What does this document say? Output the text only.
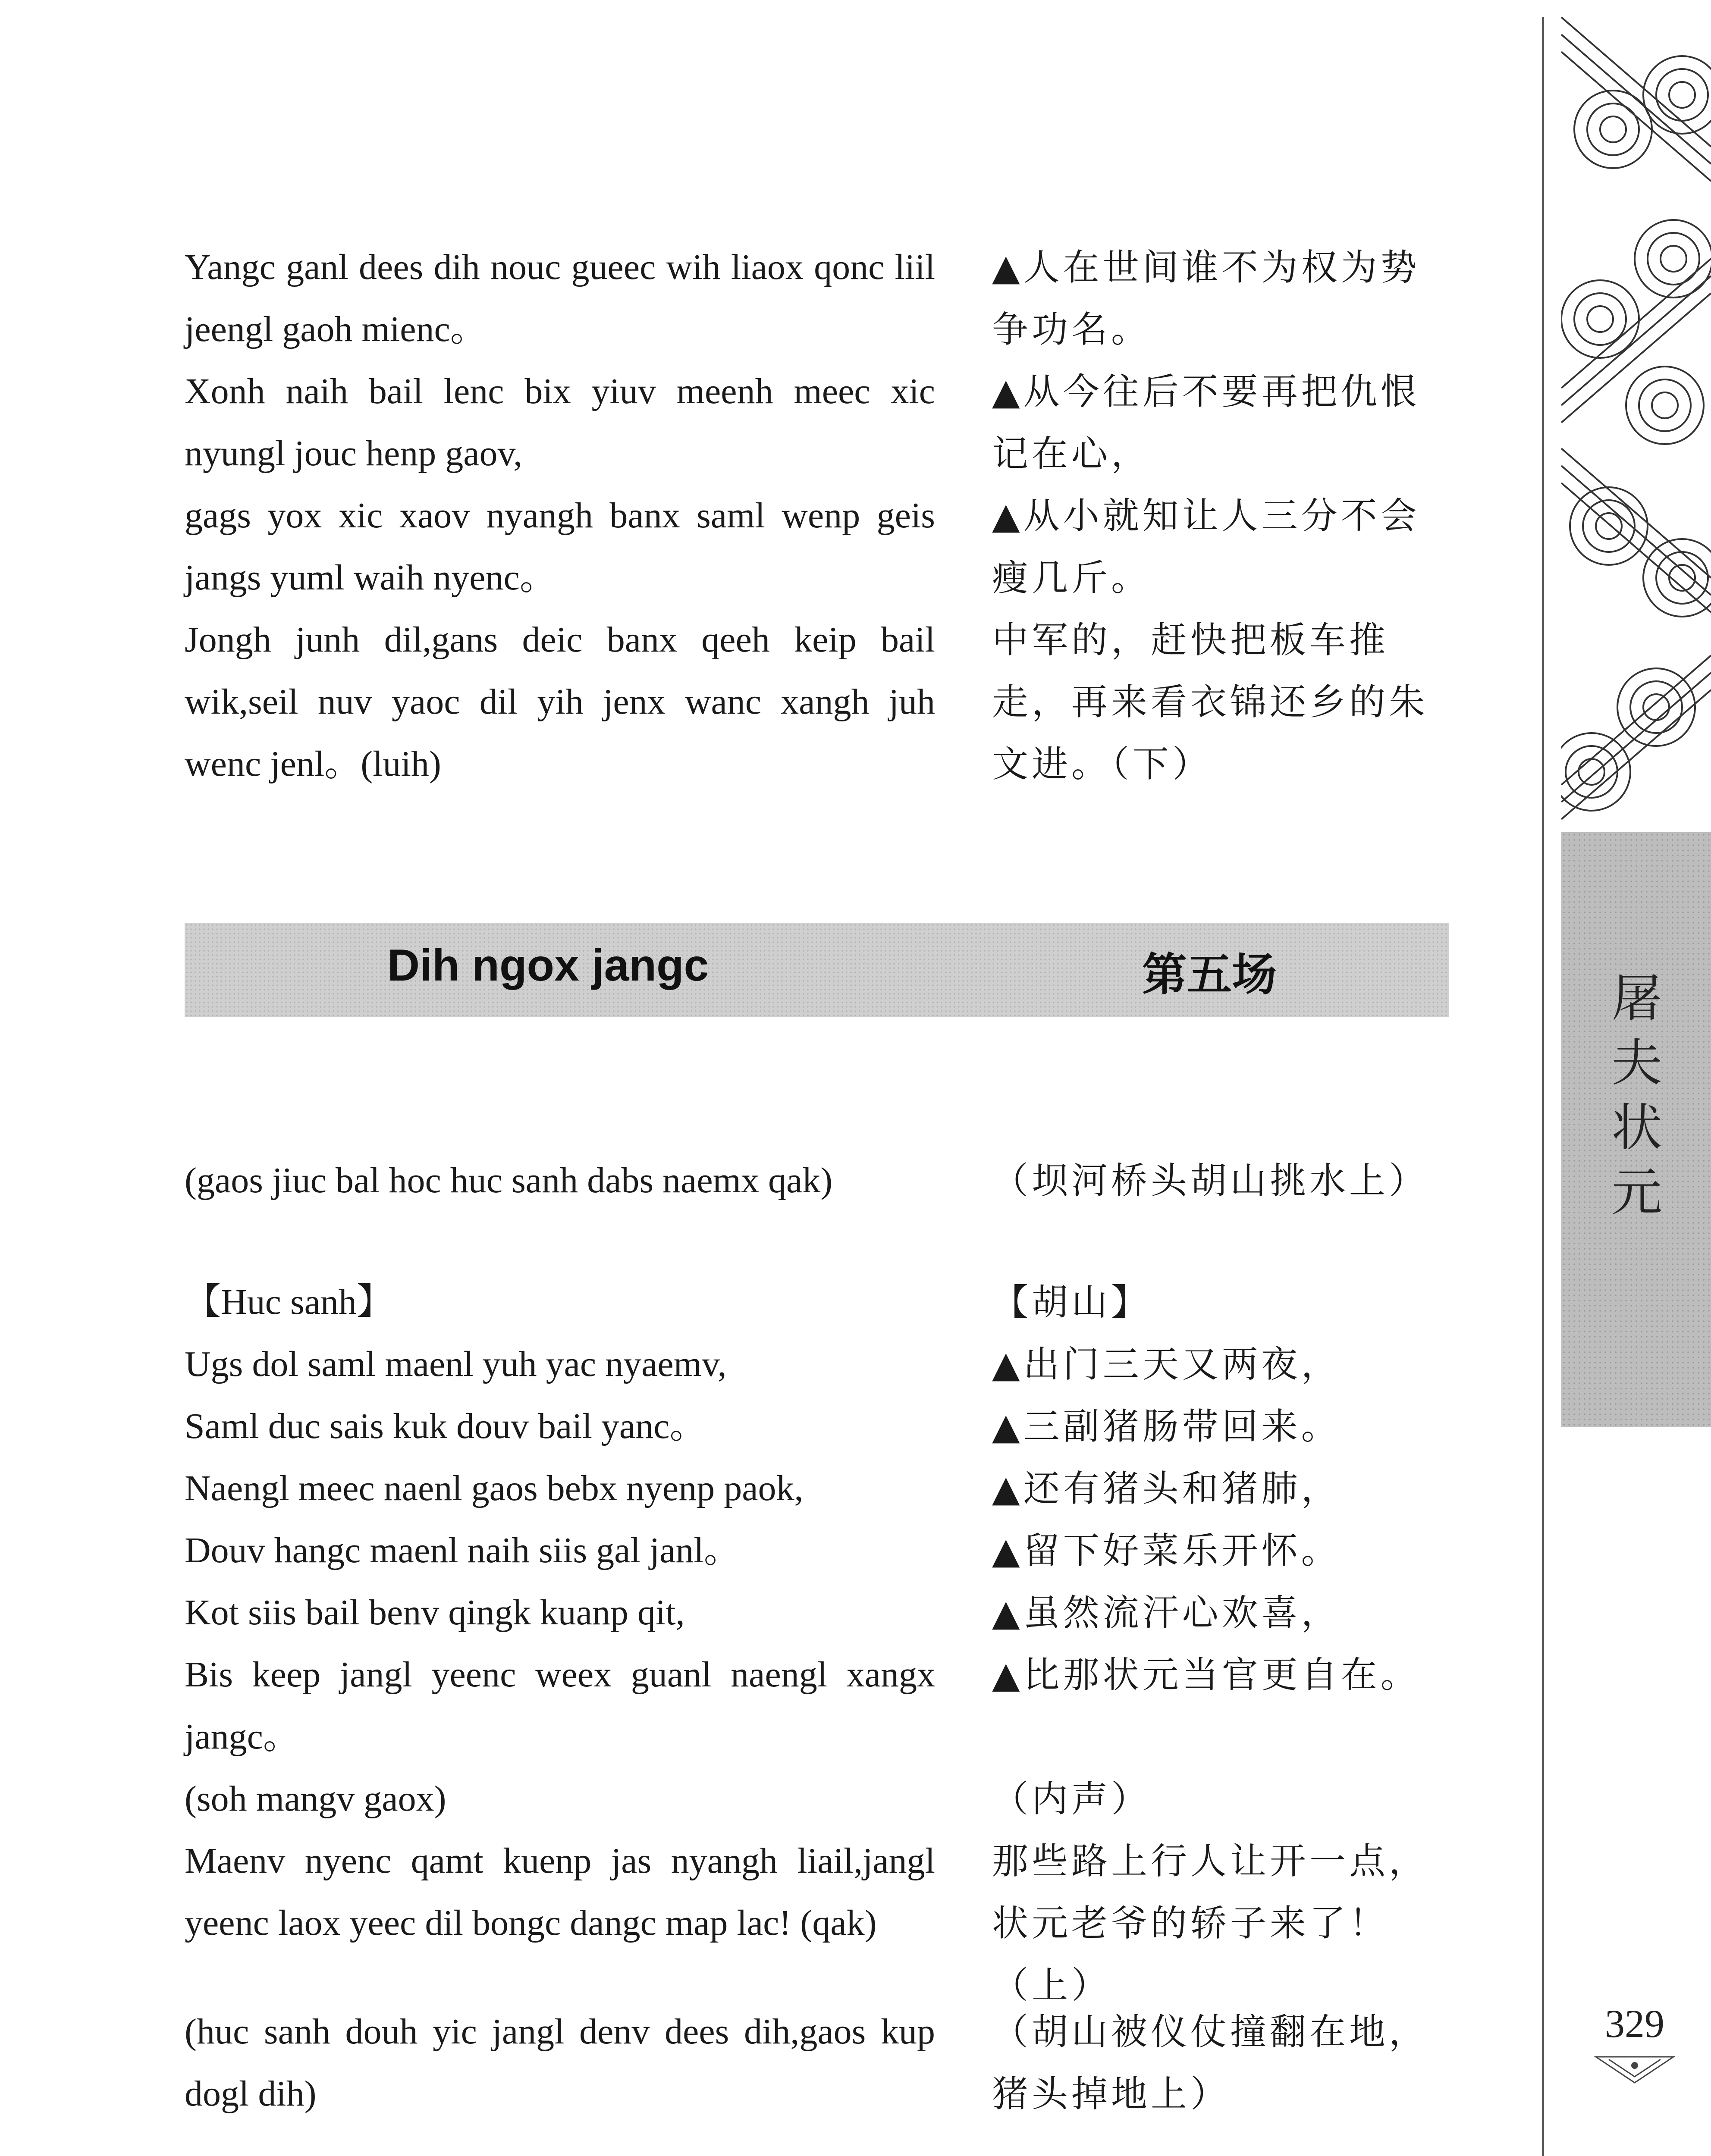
屠
夫
状
元
329

Yangc ganl dees dih nouc gueec wih liaox qonc liil jeengl gaoh mienc。

Xonh naih bail lenc bix yiuv meenh meec xic nyungl jouc henp gaov,

gags yox xic xaov nyangh banx saml wenp geis jangs yuml waih nyenc。

Jongh junh dil,gans deic banx qeeh keip bail wik,seil nuv yaoc dil yih jenx wanc xangh juh wenc jenl。(luih)

▲人在世间谁不为权为势争功名。

▲从今往后不要再把仇恨记在心，

▲从小就知让人三分不会瘦几斤。

中军的，赶快把板车推走，再来看衣锦还乡的朱文进。（下）

Dih ngox jangc	第五场

(gaos jiuc bal hoc huc sanh dabs naemx qak)	（坝河桥头胡山挑水上）

【Huc sanh】

Ugs dol saml maenl yuh yac nyaemv,

Saml duc sais kuk douv bail yanc。

Naengl meec naenl gaos bebx nyenp paok,

Douv hangc maenl naih siis gal janl。

Kot siis bail benv qingk kuanp qit,

Bis keep jangl yeenc weex guanl naengl xangx jangc。

(soh mangv gaox)

Maenv nyenc qamt kuenp jas nyangh liail,jangl yeenc laox yeec dil bongc dangc map lac! (qak)

【胡山】

▲出门三天又两夜，

▲三副猪肠带回来。

▲还有猪头和猪肺，

▲留下好菜乐开怀。

▲虽然流汗心欢喜，

▲比那状元当官更自在。

（内声）

那些路上行人让开一点，状元老爷的轿子来了！（上）

(huc sanh douh yic jangl denv dees dih,gaos kup dogl dih)

（胡山被仪仗撞翻在地，猪头掉地上）
